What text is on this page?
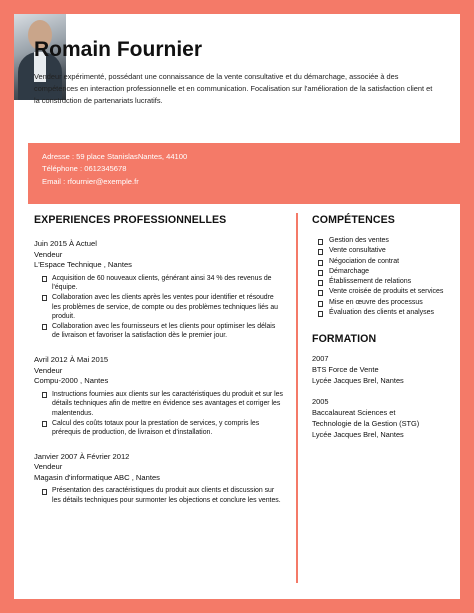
Romain Fournier

Vendeur expérimenté, possédant une connaissance de la vente consultative et du démarchage, associée à des compétences en interaction professionnelle et en communication. Focalisation sur l'amélioration de la satisfaction client et la construction de partenariats lucratifs.

Adresse : 59 place StanislasNantes, 44100
Téléphone : 0612345678
Email : rfournier@exemple.fr
EXPERIENCES PROFESSIONNELLES
Juin 2015 À Actuel
Vendeur
L'Espace Technique , Nantes
Acquisition de 60 nouveaux clients, générant ainsi 34 % des revenus de l'équipe.
Collaboration avec les clients après les ventes pour identifier et résoudre les problèmes de service, de compte ou des problèmes techniques liés au produit.
Collaboration avec les fournisseurs et les clients pour optimiser les délais de livraison et favoriser la satisfaction dès le premier jour.
Avril 2012 À Mai 2015
Vendeur
Compu-2000 , Nantes
Instructions fournies aux clients sur les caractéristiques du produit et sur les détails techniques afin de mettre en évidence ses avantages et corriger les malentendus.
Calcul des coûts totaux pour la prestation de services, y compris les prérequis de production, de livraison et d'installation.
Janvier 2007 À Février 2012
Vendeur
Magasin d'informatique ABC , Nantes
Présentation des caractéristiques du produit aux clients et discussion sur les détails techniques pour surmonter les objections et conclure les ventes.
COMPÉTENCES
Gestion des ventes
Vente consultative
Négociation de contrat
Démarchage
Établissement de relations
Vente croisée de produits et services
Mise en œuvre des processus
Évaluation des clients et analyses
FORMATION
2007
BTS Force de Vente
Lycée Jacques Brel, Nantes
2005
Baccalaureat Sciences et
Technologie de la Gestion (STG)
Lycée Jacques Brel, Nantes
